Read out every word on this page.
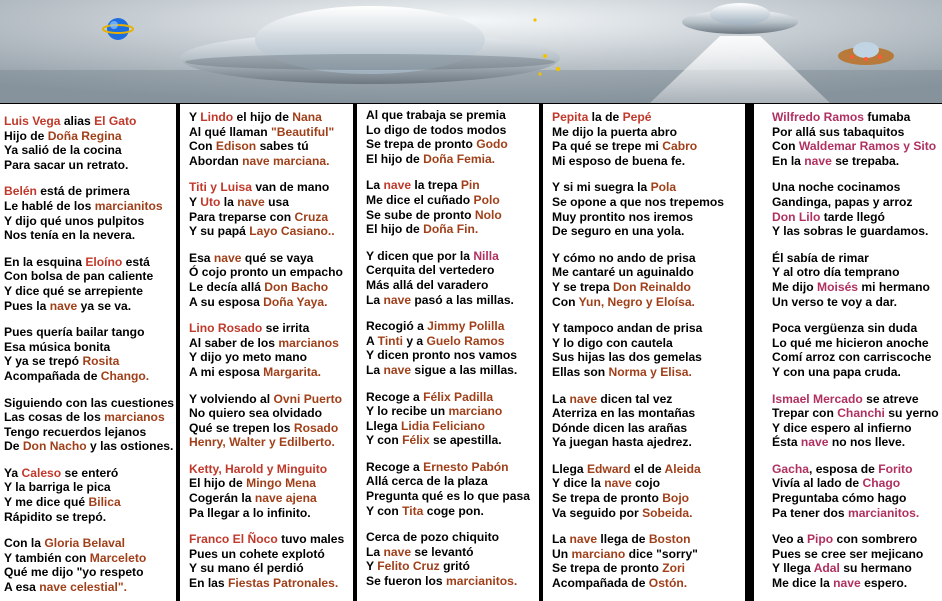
Luis Vega alias El Gato
Hijo de Doña Regina
Ya salió de la cocina
Para sacar un retrato.
Belén está de primera
Le hablé de los marcianitos
Y dijo qué unos pulpitos
Nos tenía en la nevera.
En la esquina Eloíno está
Con bolsa de pan caliente
Y dice qué se arrepiente
Pues la nave ya se va.
Pues quería bailar tango
Esa música bonita
Y ya se trepó Rosita
Acompañada de Chango.
Siguiendo con las cuestiones
Las cosas de los marcianos
Tengo recuerdos lejanos
De Don Nacho y las ostiones.
Ya Caleso se enteró
Y la barriga le pica
Y me dice qué Bilica
Rápidito se trepó.
Con la Gloria Belaval
Y también con Marceleto
Qué me dijo "yo respeto
A esa nave celestial".
Y Lindo el hijo de Nana
Al qué llaman "Beautiful"
Con Edison sabes tú
Abordan nave marciana.
Titi y Luisa van de mano
Y Uto la nave usa
Para treparse con Cruza
Y su papá Layo Casiano..
Esa nave qué se vaya
Ó cojo pronto un empacho
Le decía allá Don Bacho
A su esposa Doña Yaya.
Lino Rosado se irrita
Al saber de los marcianos
Y dijo yo meto mano
A mi esposa Margarita.
Y volviendo al Ovni Puerto
No quiero sea olvidado
Qué se trepen los Rosado
Henry, Walter y Edilberto.
Ketty, Harold y Minguito
El hijo de Mingo Mena
Cogerán la nave ajena
Pa llegar a lo infinito.
Franco El Ñoco tuvo males
Pues un cohete explotó
Y su mano él perdió
En las Fiestas Patronales.
Al que trabaja se premia
Lo digo de todos modos
Se trepa de pronto Godo
El hijo de Doña Femia.
La nave la trepa Pin
Me dice el cuñado Polo
Se sube de pronto Nolo
El hijo de Doña Fin.
Y dicen que por la Nilla
Cerquita del vertedero
Más allá del varadero
La nave pasó a las millas.
Recogió a Jimmy Polilla
A Tinti y a Guelo Ramos
Y dicen pronto nos vamos
La nave sigue a las millas.
Recoge a Félix Padilla
Y lo recibe un marciano
Llega Lidia Feliciano
Y con Félix se apestilla.
Recoge a Ernesto Pabón
Allá cerca de la plaza
Pregunta qué es lo que pasa
Y con Tita coge pon.
Cerca de pozo chiquito
La nave se levantó
Y Felito Cruz gritó
Se fueron los marcianitos.
Pepita la de Pepé
Me dijo la puerta abro
Pa qué se trepe mi Cabro
Mi esposo de buena fe.
Y si mi suegra la Pola
Se opone a que nos trepemos
Muy prontito nos iremos
De seguro en una yola.
Y cómo no ando de prisa
Me cantaré un aguinaldo
Y se trepa Don Reinaldo
Con Yun, Negro y Eloísa.
Y tampoco andan de prisa
Y lo digo con cautela
Sus hijas las dos gemelas
Ellas son Norma y Elisa.
La nave dicen tal vez
Aterriza en las montañas
Dónde dicen las arañas
Ya juegan hasta ajedrez.
Llega Edward el de Aleida
Y dice la nave cojo
Se trepa de pronto Bojo
Va seguido por Sobeida.
La nave llega de Boston
Un marciano dice "sorry"
Se trepa de pronto Zori
Acompañada de Ostón.
Wilfredo Ramos fumaba
Por allá sus tabaquitos
Con Waldemar Ramos y Sito
En la nave se trepaba.
Una noche cocinamos
Gandinga, papas y arroz
Don Lilo tarde llegó
Y las sobras le guardamos.
Él sabía de rimar
Y al otro día temprano
Me dijo Moisés mi hermano
Un verso te voy a dar.
Poca vergüenza sin duda
Lo qué me hicieron anoche
Comí arroz con carriscoche
Y con una papa cruda.
Ismael Mercado se atreve
Trepar con Chanchi su yerno
Y dice espero al infierno
Ésta nave no nos lleve.
Gacha, esposa de Forito
Vivía al lado de Chago
Preguntaba cómo hago
Pa tener dos marcianitos.
Veo a Pipo con sombrero
Pues se cree ser mejicano
Y llega Adal su hermano
Me dice la nave espero.
